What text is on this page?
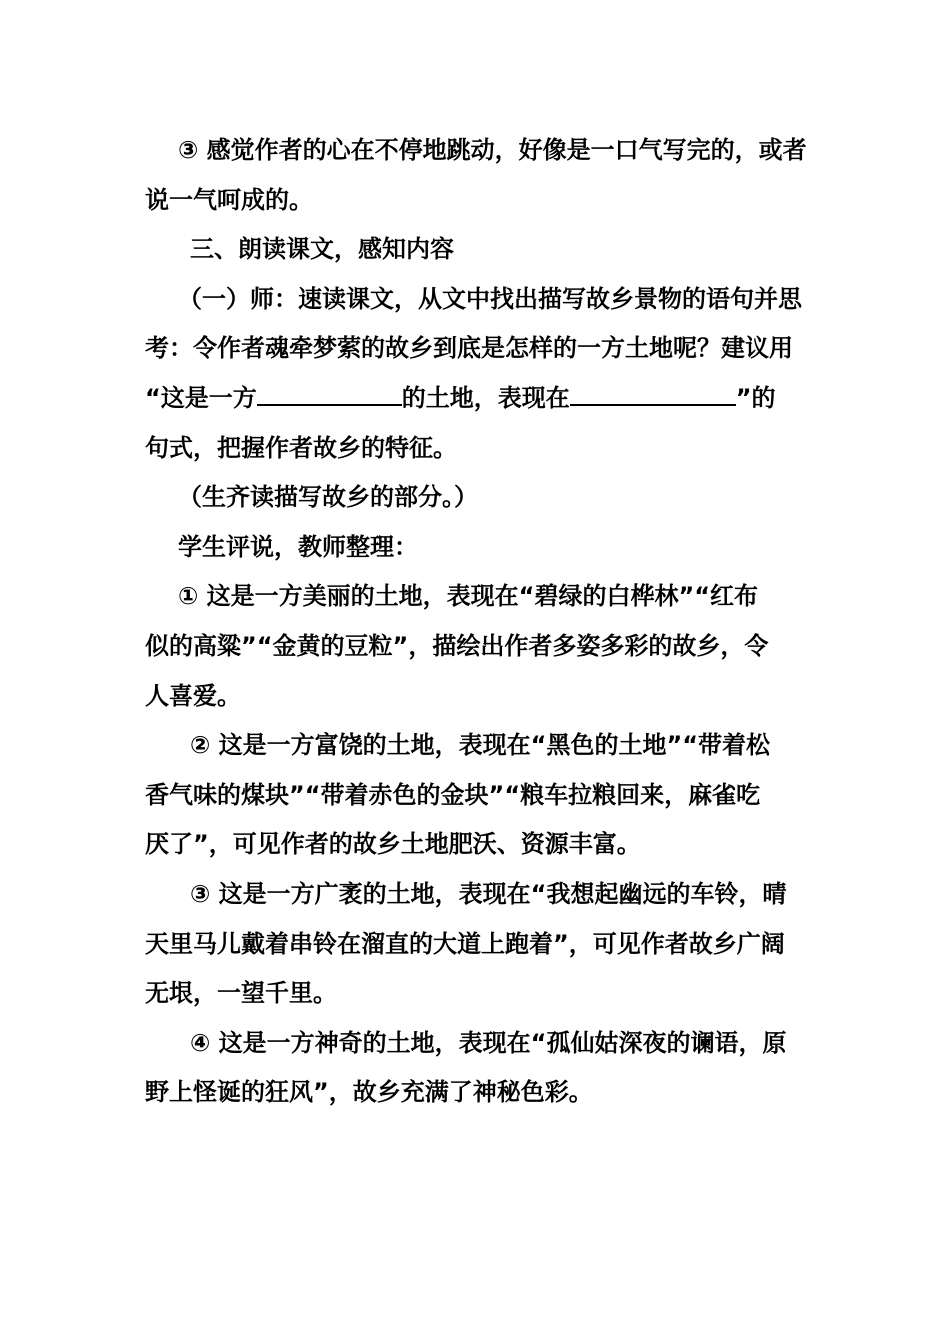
③ 感觉作者的心在不停地跳动，好像是一口气写完的，或者
说一气呵成的。
三、朗读课文，感知内容
（一）师：速读课文，从文中找出描写故乡景物的语句并思
考：令作者魂牵梦萦的故乡到底是怎样的一方土地呢？建议用
“这是一方	的土地，表现在	”的
句式，把握作者故乡的特征。
（生齐读描写故乡的部分。）
学生评说，教师整理：
① 这是一方美丽的土地，表现在“碧绿的白桦林”“红布
似的高粱”“金黄的豆粒”，描绘出作者多姿多彩的故乡，令
人喜爱。
② 这是一方富饶的土地，表现在“黑色的土地”“带着松
香气味的煤块”“带着赤色的金块”“粮车拉粮回来，麻雀吃
厌了”，可见作者的故乡土地肥沃、资源丰富。
③ 这是一方广袤的土地，表现在“我想起幽远的车铃，晴
天里马儿戴着串铃在溜直的大道上跑着”，可见作者故乡广阔
无垠，一望千里。
④ 这是一方神奇的土地，表现在“孤仙姑深夜的谰语，原
野上怪诞的狂风”，故乡充满了神秘色彩。
